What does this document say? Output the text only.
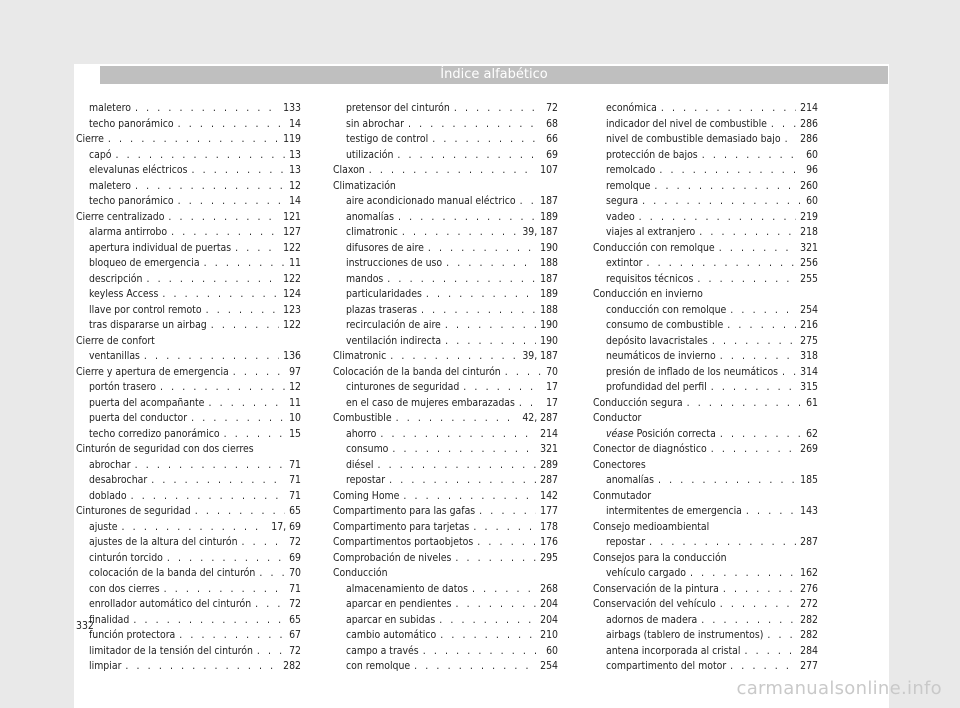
Índice alfabético
maletero . . .	133
techo panorámico . . .	14
Cierre . . .	119
capó . . .	13
elevalunas eléctricos . . .	13
maletero . . .	12
techo panorámico . . .	14
Cierre centralizado . . .	121
alarma antirrobo . . .	127
apertura individual de puertas . . .	122
bloqueo de emergencia . . .	11
descripción . . .	122
keyless Access . . .	124
llave por control remoto . . .	123
tras dispararse un airbag . . .	122
Cierre de confort
ventanillas . . .	136
Cierre y apertura de emergencia . . .	97
portón trasero . . .	12
puerta del acompañante . . .	11
puerta del conductor . . .	10
techo corredizo panorámico . . .	15
Cinturón de seguridad con dos cierres
abrochar . . .	71
desabrochar . . .	71
doblado . . .	71
Cinturones de seguridad . . .	65
ajuste . . .	17, 69
ajustes de la altura del cinturón . . .	72
cinturón torcido . . .	69
colocación de la banda del cinturón . . .	70
con dos cierres . . .	71
enrollador automático del cinturón . . .	72
finalidad . . .	65
función protectora . . .	67
limitador de la tensión del cinturón . . .	72
limpiar . . .	282
pretensor del cinturón . . .	72
sin abrochar . . .	68
testigo de control . . .	66
utilización . . .	69
Claxon . . .	107
Climatización
aire acondicionado manual eléctrico . . . 187
anomalías . . .	189
climatronic . . .	39, 187
difusores de aire . . .	190
instrucciones de uso . . .	188
mandos . . .	187
particularidades . . .	189
plazas traseras . . .	188
recirculación de aire . . .	190
ventilación indirecta . . .	190
Climatronic . . .	39, 187
Colocación de la banda del cinturón . . .	70
cinturones de seguridad . . .	17
en el caso de mujeres embarazadas . . .	17
Combustible . . .	42, 287
ahorro . . .	214
consumo . . .	321
diésel . . .	289
repostar . . .	287
Coming Home . . .	142
Compartimento para las gafas . . .	177
Compartimento para tarjetas . . .	178
Compartimentos portaobjetos . . .	176
Comprobación de niveles . . .	295
Conducción
almacenamiento de datos . . .	268
aparcar en pendientes . . .	204
aparcar en subidas . . .	204
cambio automático . . .	210
campo a través . . .	60
con remolque . . .	254
económica . . .	214
indicador del nivel de combustible . . .	286
nivel de combustible demasiado bajo . . . 286
protección de bajos . . .	60
remolcado . . .	96
remolque . . .	260
segura . . .	60
vadeo . . .	219
viajes al extranjero . . .	218
Conducción con remolque . . .	321
extintor . . .	256
requisitos técnicos . . .	255
Conducción en invierno
conducción con remolque . . .	254
consumo de combustible . . .	216
depósito lavacristales . . .	275
neumáticos de invierno . . .	318
presión de inflado de los neumáticos . . . 314
profundidad del perfil . . .	315
Conducción segura . . .	61
Conductor
véase Posición correcta . . .	62
Conector de diagnóstico . . .	269
Conectores
anomalías . . .	185
Conmutador
intermitentes de emergencia . . .	143
Consejo medioambiental
repostar . . .	287
Consejos para la conducción
vehículo cargado . . .	162
Conservación de la pintura . . .	276
Conservación del vehículo . . .	272
adornos de madera . . .	282
airbags (tablero de instrumentos) . . .	282
antena incorporada al cristal . . .	284
compartimento del motor . . .	277
332
carmanualsonline.info
